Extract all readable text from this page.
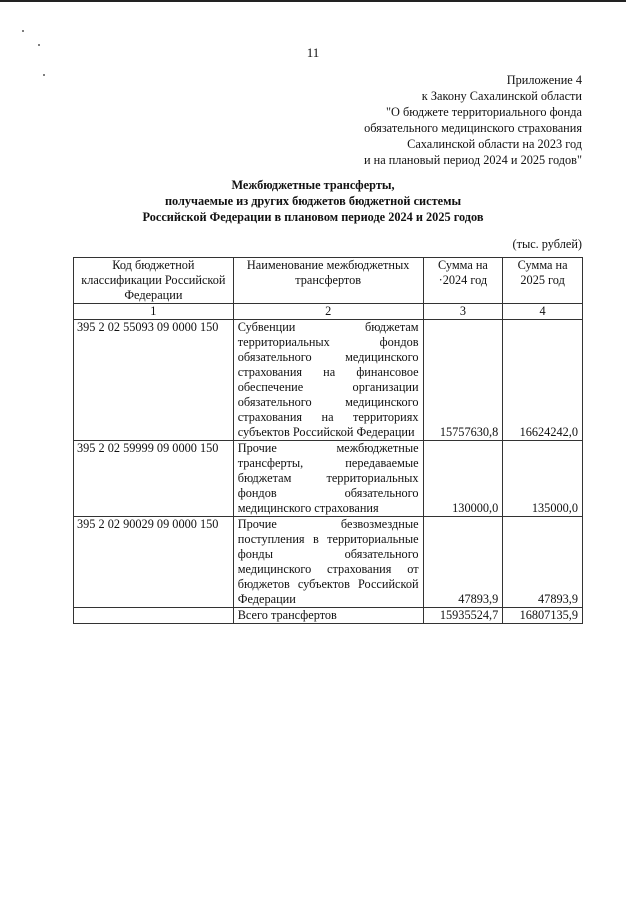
11
Приложение 4
к Закону Сахалинской области
"О бюджете территориального фонда
обязательного медицинского страхования
Сахалинской области на 2023 год
и на плановый период 2024 и 2025 годов"
Межбюджетные трансферты,
получаемые из других бюджетов бюджетной системы
Российской Федерации в плановом периоде 2024 и 2025 годов
(тыс. рублей)
Код бюджетной классификации Российской Федерации	Наименование межбюджетных трансфертов	Сумма на ·2024 год	Сумма на 2025 год
1	2	3	4
395 2 02 55093 09 0000 150	Субвенции бюджетам территориальных фондов обязательного медицинского страхования на финансовое обеспечение организации обязательного медицинского страхования на территориях субъектов Российской Федерации	15757630,8	16624242,0
395 2 02 59999 09 0000 150	Прочие межбюджетные трансферты, передаваемые бюджетам территориальных фондов обязательного медицинского страхования	130000,0	135000,0
395 2 02 90029 09 0000 150	Прочие безвозмездные поступления в территориальные фонды обязательного медицинского страхования от бюджетов субъектов Российской Федерации	47893,9	47893,9
	Всего трансфертов	15935524,7	16807135,9
